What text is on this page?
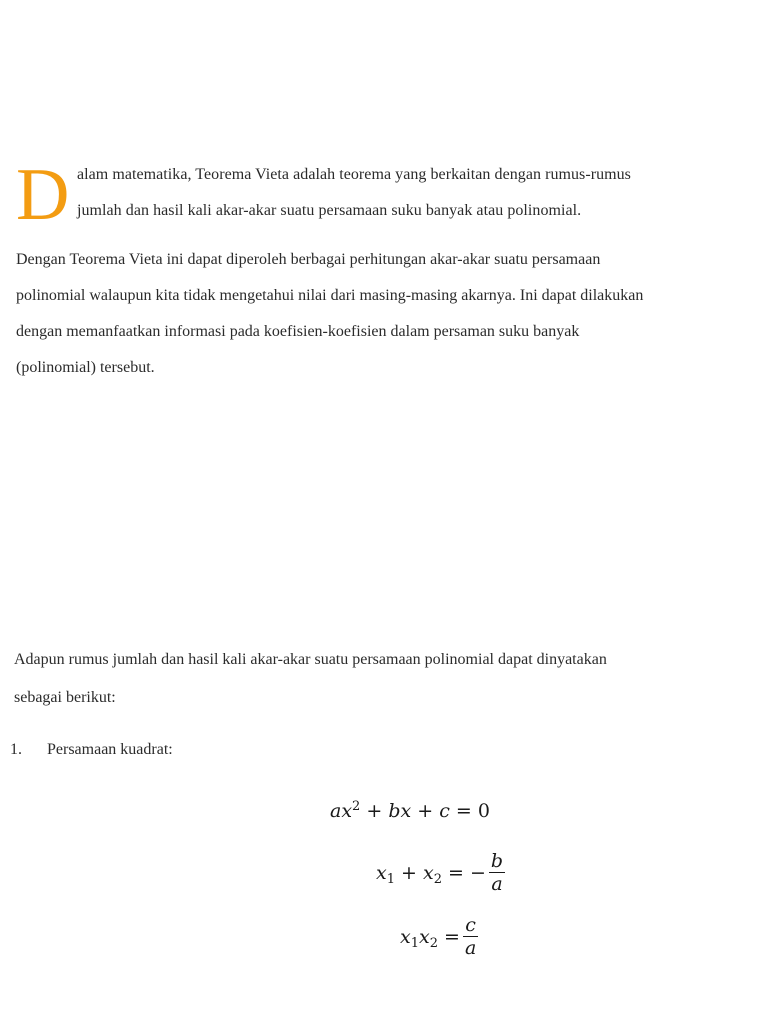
D alam matematika, Teorema Vieta adalah teorema yang berkaitan dengan rumus-rumus
jumlah dan hasil kali akar-akar suatu persamaan suku banyak atau polinomial.
Dengan Teorema Vieta ini dapat diperoleh berbagai perhitungan akar-akar suatu persamaan
polinomial walaupun kita tidak mengetahui nilai dari masing-masing akarnya. Ini dapat dilakukan
dengan memanfaatkan informasi pada koefisien-koefisien dalam persaman suku banyak
(polinomial) tersebut.
Adapun rumus jumlah dan hasil kali akar-akar suatu persamaan polinomial dapat dinyatakan
sebagai berikut:
1. Persamaan kuadrat:
$ax^2$ + bx + c = 0
$x_1 + x_2$ = − $\frac{b}{a}$
$x_1x_2 = \frac{c}{a}$
